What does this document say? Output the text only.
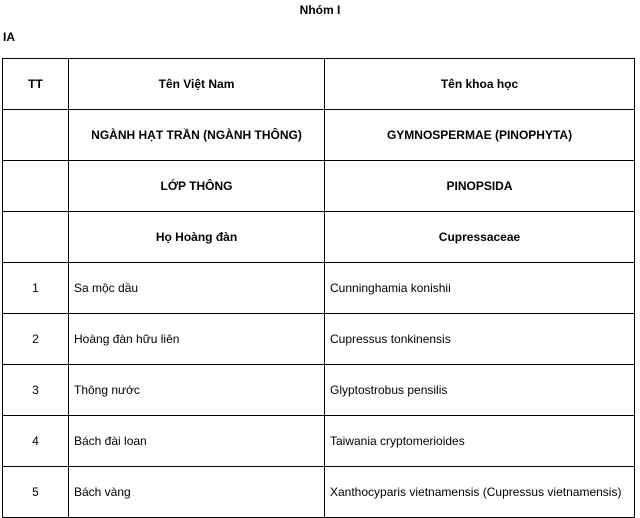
Nhóm I
IA
TT	Tên Việt Nam	Tên khoa học
	NGÀNH HẠT TRẦN (NGÀNH THÔNG)	GYMNOSPERMAE (PINOPHYTA)
	LỚP THÔNG	PINOPSIDA
	Họ Hoàng đàn	Cupressaceae
1	Sa mộc dầu	Cunninghamia konishii
2	Hoàng đàn hữu liên	Cupressus tonkinensis
3	Thông nước	Glyptostrobus pensilis
4	Bách đài loan	Taiwania cryptomerioides
5	Bách vàng	Xanthocyparis vietnamensis (Cupressus vietnamensis)
